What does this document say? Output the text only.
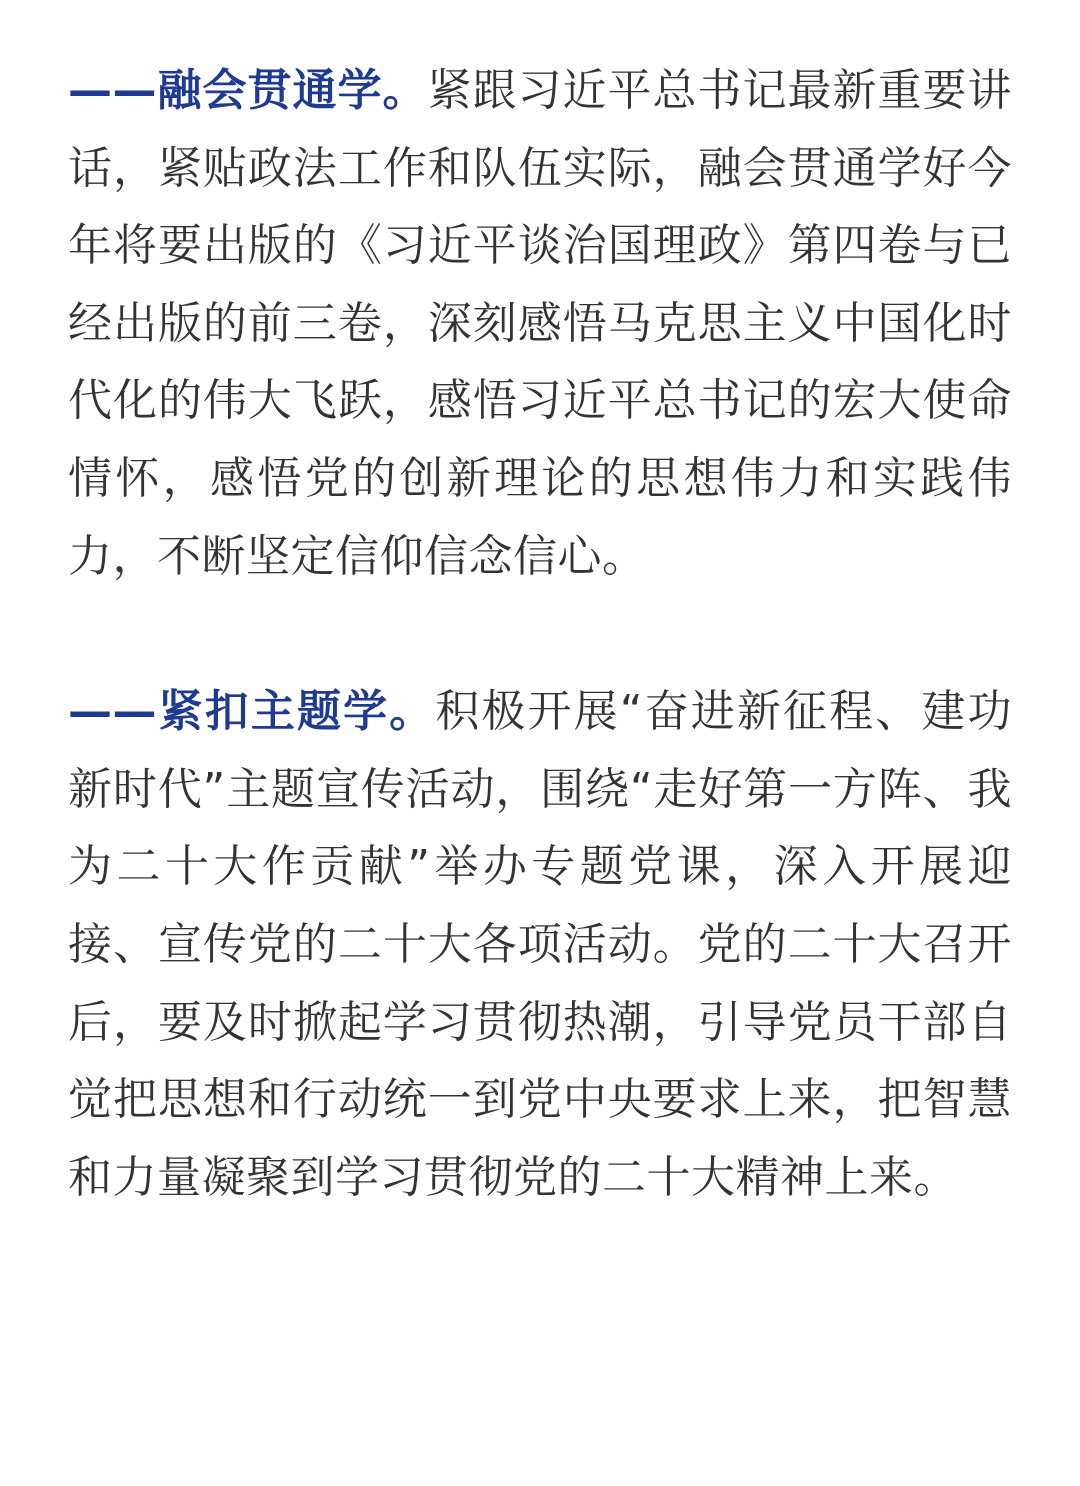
——融会贯通学。紧跟习近平总书记最新重要讲话，紧贴政法工作和队伍实际，融会贯通学好今年将要出版的《习近平谈治国理政》第四卷与已经出版的前三卷，深刻感悟马克思主义中国化时代化的伟大飞跃，感悟习近平总书记的宏大使命情怀，感悟党的创新理论的思想伟力和实践伟力，不断坚定信仰信念信心。

——紧扣主题学。积极开展“奋进新征程、建功新时代”主题宣传活动，围绕“走好第一方阵、我为二十大作贡献”举办专题党课，深入开展迎接、宣传党的二十大各项活动。党的二十大召开后，要及时掀起学习贯彻热潮，引导党员干部自觉把思想和行动统一到党中央要求上来，把智慧和力量凝聚到学习贯彻党的二十大精神上来。
